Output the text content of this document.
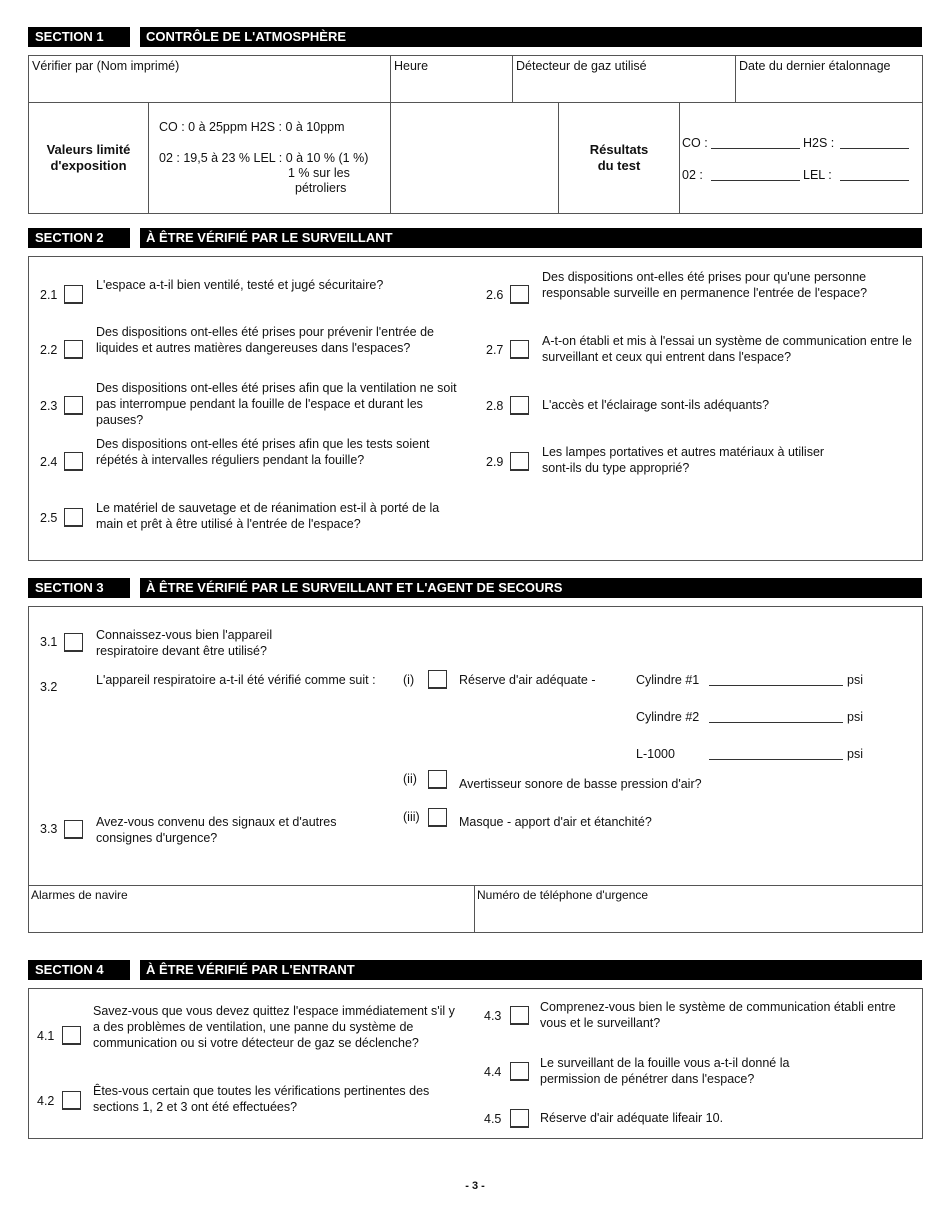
SECTION 1	CONTRÔLE DE L'ATMOSPHÈRE
Vérifier par (Nom imprimé)	Heure	Détecteur de gaz utilisé	Date du dernier étalonnage
Valeurs limité
d'exposition
CO : 0 à 25ppm H2S : 0 à 10ppm
02 : 19,5 à 23 % LEL : 0 à 10 % (1 %)
1 % sur les
pétroliers
Résultats
du test
CO :	H2S :
02 :	LEL :
SECTION 2	À ÊTRE VÉRIFIÉ PAR LE SURVEILLANT
2.1
L'espace a-t-il bien ventilé, testé et jugé sécuritaire?
2.2
Des dispositions ont-elles été prises pour prévenir l'entrée de liquides et autres matières dangereuses dans l'espaces?
2.3
Des dispositions ont-elles été prises afin que la ventilation ne soit pas interrompue pendant la fouille de l'espace et durant les pauses?
2.4
Des dispositions ont-elles été prises afin que les tests soient répétés à intervalles réguliers pendant la fouille?
2.5
Le matériel de sauvetage et de réanimation est-il à porté de la main et prêt à être utilisé à l'entrée de l'espace?
2.6
Des dispositions ont-elles été prises pour qu'une personne responsable surveille en permanence l'entrée de l'espace?
2.7
A-t-on établi et mis à l'essai un système de communication entre le surveillant et ceux qui entrent dans l'espace?
2.8	L'accès et l'éclairage sont-ils adéquants?
2.9
Les lampes portatives et autres matériaux à utiliser sont-ils du type approprié?
SECTION 3	À ÊTRE VÉRIFIÉ PAR LE SURVEILLANT ET L'AGENT DE SECOURS
3.1	Connaissez-vous bien l'appareil respiratoire devant être utilisé?
3.2	L'appareil respiratoire a-t-il été vérifié comme suit :	(i)	Réserve d'air adéquate -	Cylindre #1	psi
Cylindre #2	psi
L-1000	psi
(ii)	Avertisseur sonore de basse pression d'air?
(iii)	Masque - apport d'air et étanchité?
3.3	Avez-vous convenu des signaux et d'autres consignes d'urgence?
Alarmes de navire	Numéro de téléphone d'urgence
SECTION 4	À ÊTRE VÉRIFIÉ PAR L'ENTRANT
4.1
Savez-vous que vous devez quittez l'espace immédiatement s'il y a des problèmes de ventilation, une panne du système de communication ou si votre détecteur de gaz se déclenche?
4.2
Êtes-vous certain que toutes les vérifications pertinentes des sections 1, 2 et 3 ont été effectuées?
4.3
Comprenez-vous bien le système de communication établi entre vous et le surveillant?
4.4
Le surveillant de la fouille vous a-t-il donné la permission de pénétrer dans l'espace?
4.5	Réserve d'air adéquate lifeair 10.
- 3 -
